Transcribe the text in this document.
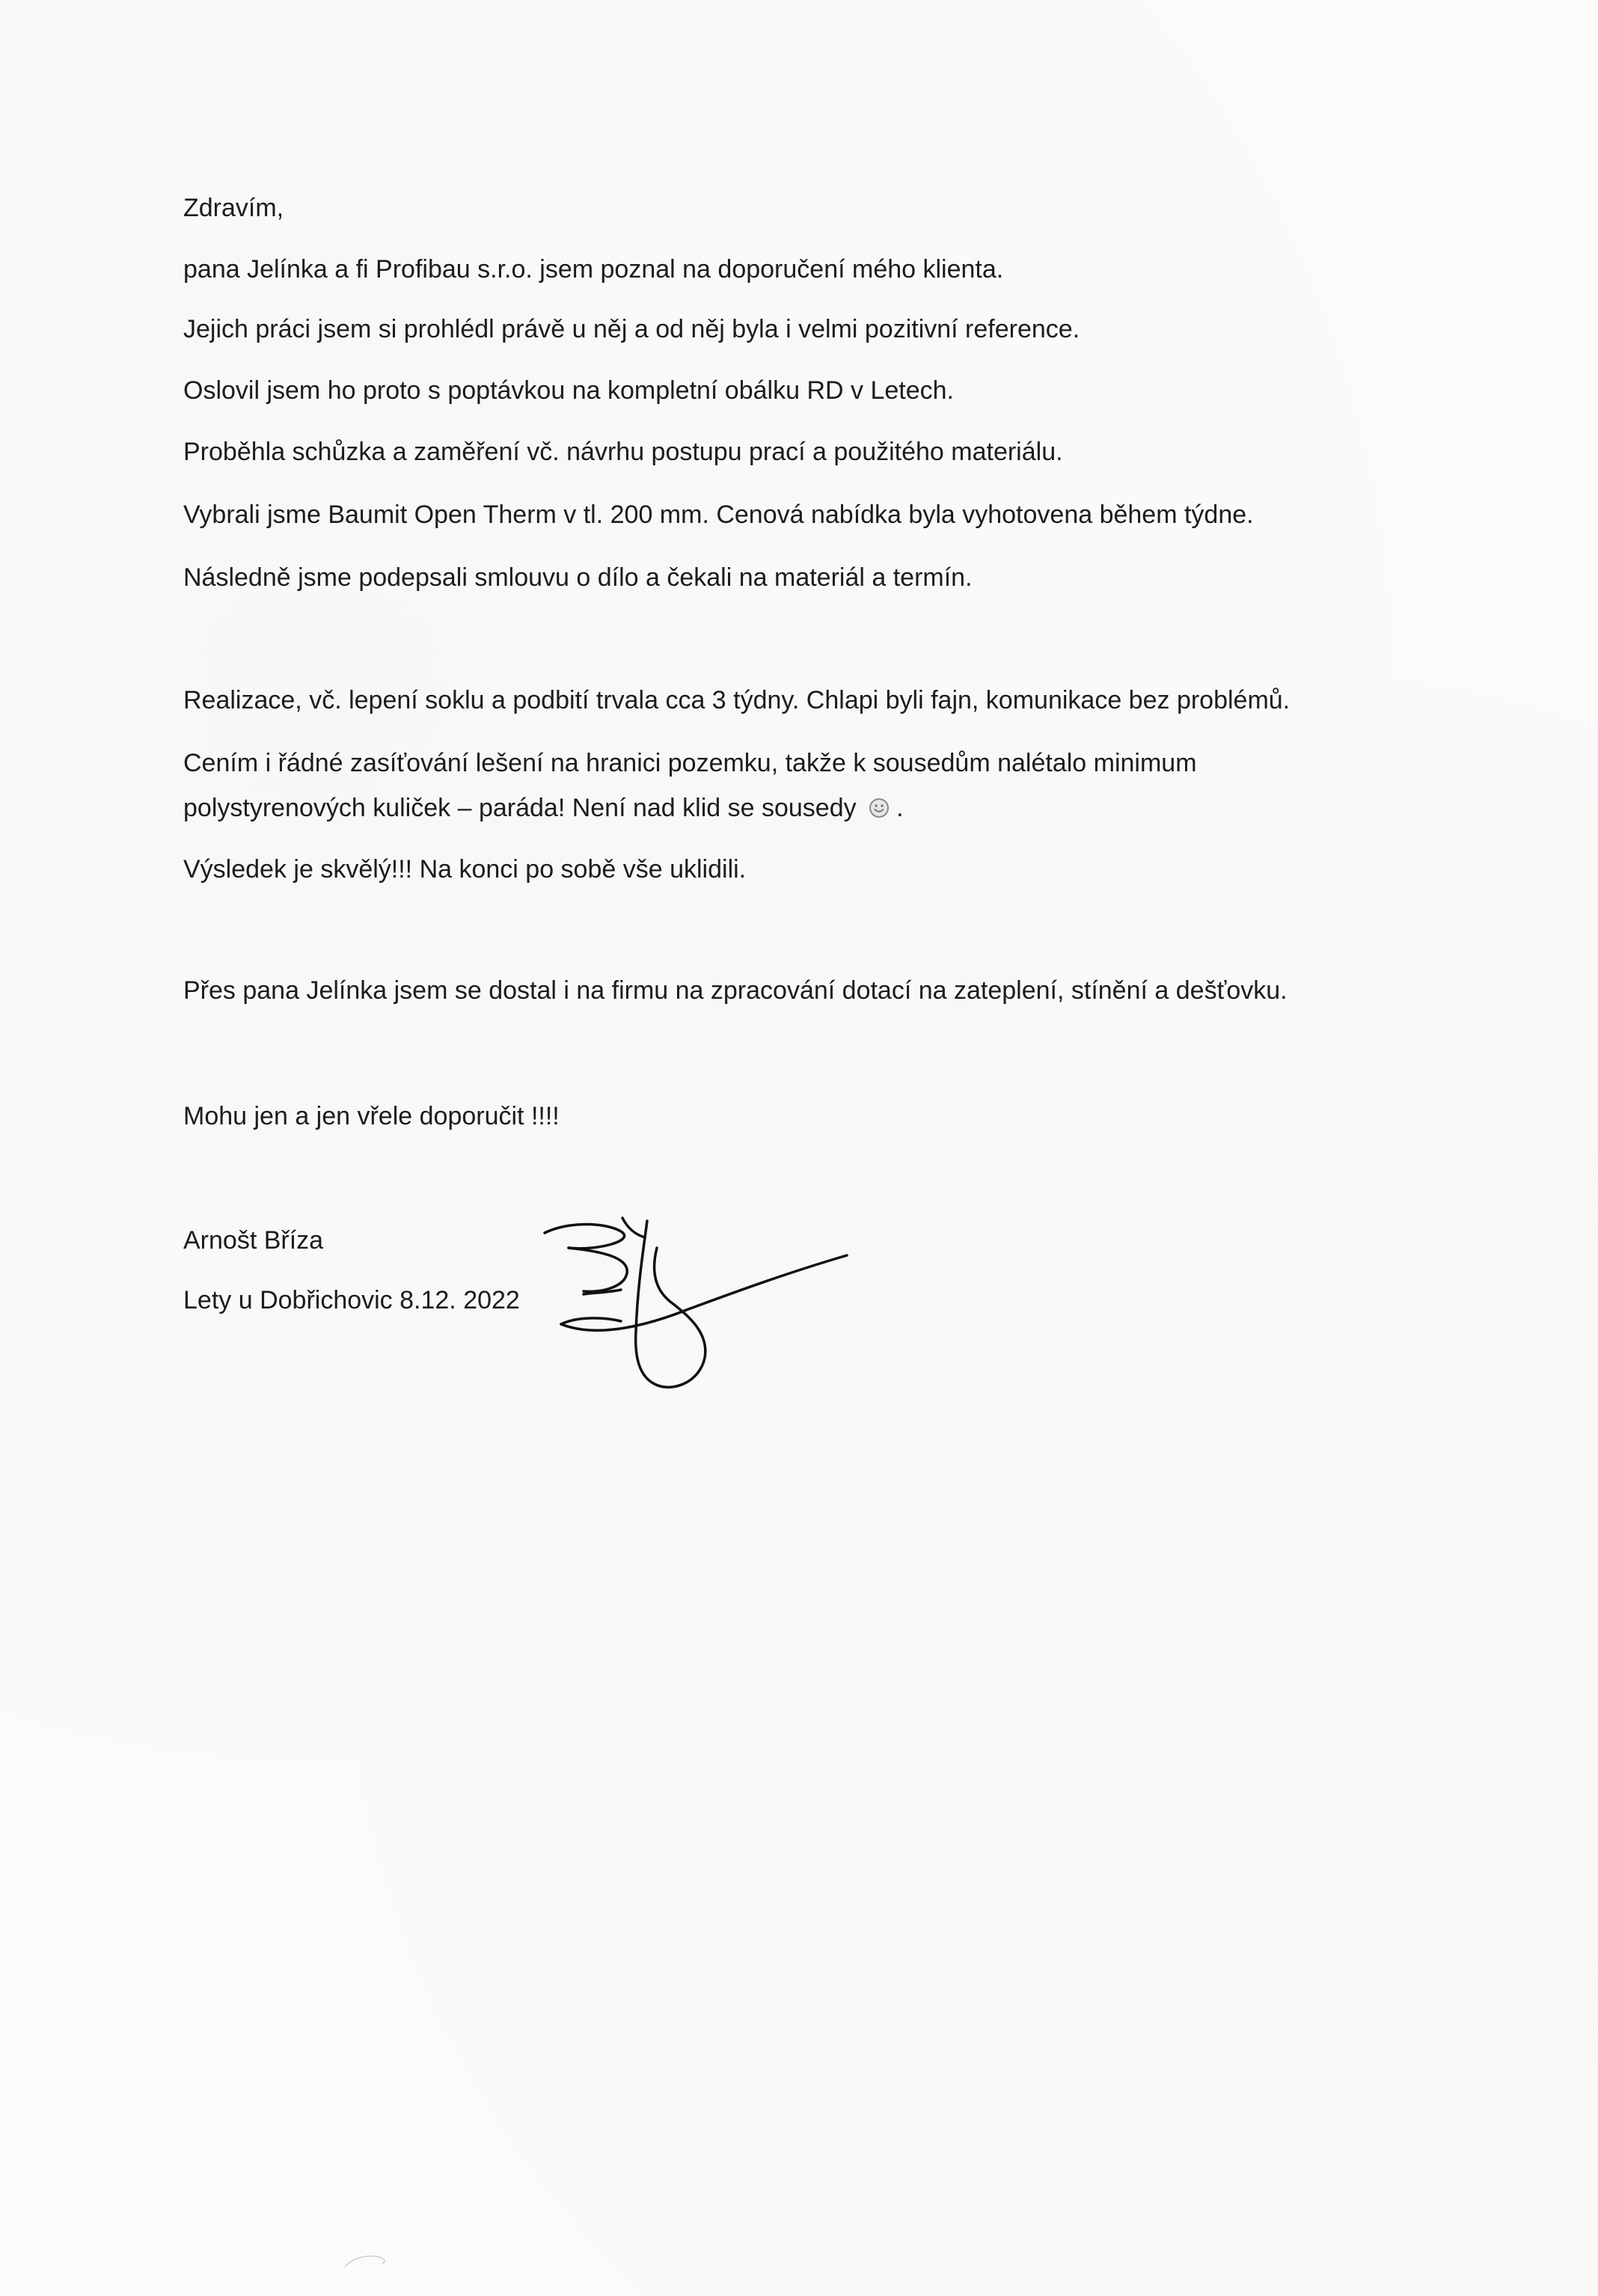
Zdravím,
pana Jelínka a fi Profibau s.r.o. jsem poznal na doporučení mého klienta.
Jejich práci jsem si prohlédl právě u něj a od něj byla i velmi pozitivní reference.
Oslovil jsem ho proto s poptávkou na kompletní obálku RD v Letech.
Proběhla schůzka a zaměření vč. návrhu postupu prací a použitého materiálu.
Vybrali jsme Baumit Open Therm v tl. 200 mm. Cenová nabídka byla vyhotovena během týdne.
Následně jsme podepsali smlouvu o dílo a čekali na materiál a termín.
Realizace, vč. lepení soklu a podbití trvala cca 3 týdny. Chlapi byli fajn, komunikace bez problémů.
Cením i řádné zasíťování lešení na hranici pozemku, takže k sousedům nalétalo minimum
polystyrenových kuliček – paráda! Není nad klid se sousedy .
Výsledek je skvělý!!! Na konci po sobě vše uklidili.
Přes pana Jelínka jsem se dostal i na firmu na zpracování dotací na zateplení, stínění a dešťovku.
Mohu jen a jen vřele doporučit !!!!
Arnošt Bříza
Lety u Dobřichovic 8.12. 2022
